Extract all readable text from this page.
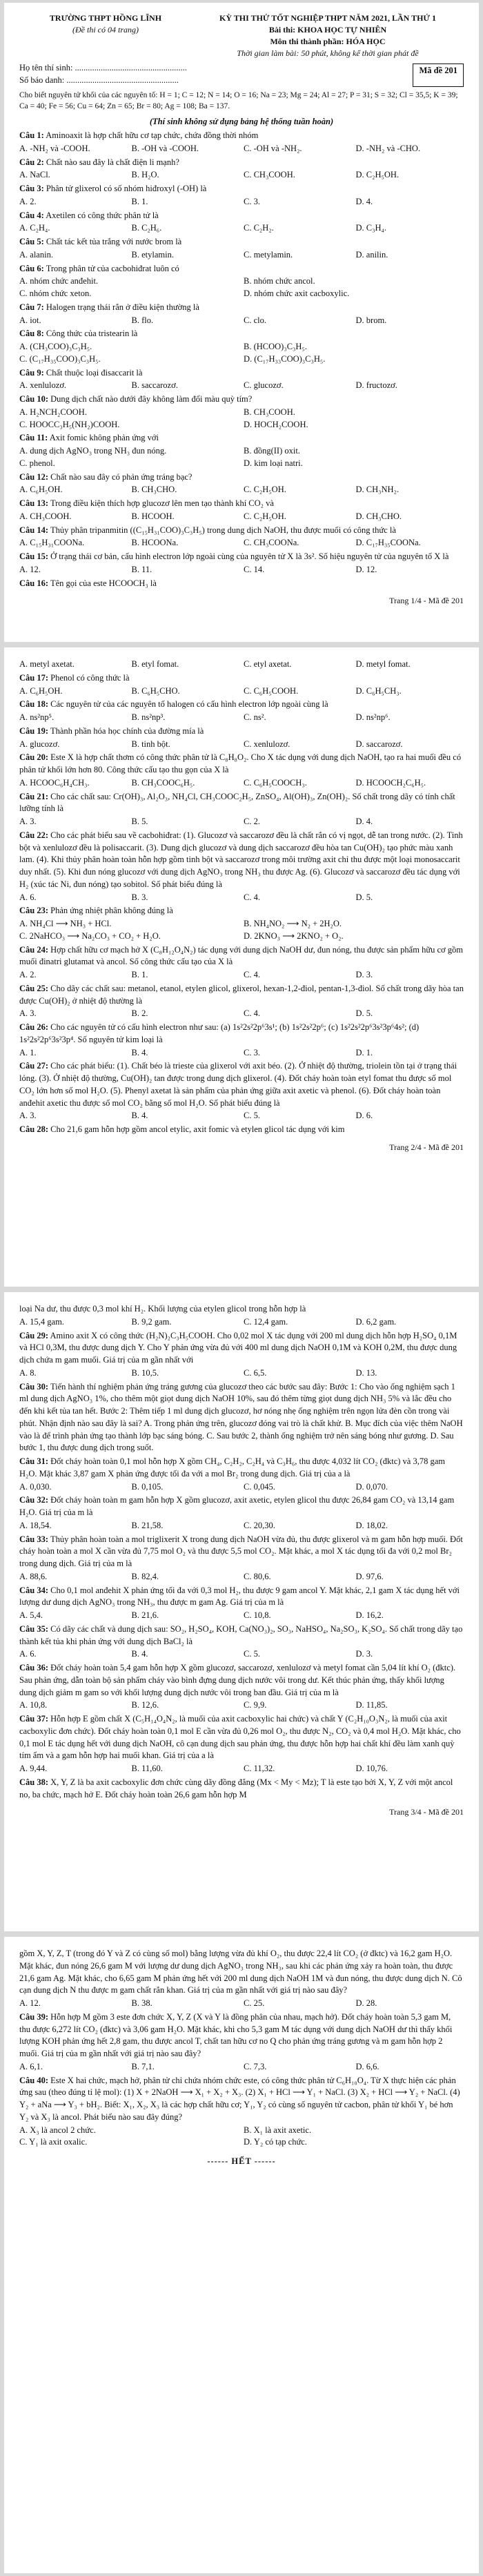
TRƯỜNG THPT HỒNG LĨNH
(Đề thi có 04 trang)
KỲ THI THỬ TỐT NGHIỆP THPT NĂM 2021, LẦN THỨ 1
Bài thi: KHOA HỌC TỰ NHIÊN
Môn thi thành phần: HÓA HỌC
Thời gian làm bài: 50 phút, không kể thời gian phát đề
Họ tên thí sinh: ....................................................
Số báo danh: ....................................................
Mã đề 201
Cho biết nguyên tử khối của các nguyên tố: H = 1; C = 12; N = 14; O = 16; Na = 23; Mg = 24; Al = 27; P = 31; S = 32; Cl = 35,5; K = 39; Ca = 40; Fe = 56; Cu = 64; Zn = 65; Br = 80; Ag = 108; Ba = 137.
(Thí sinh không sử dụng bảng hệ thống tuần hoàn)
Câu 1: Aminoaxit là hợp chất hữu cơ tạp chức, chứa đồng thời nhóm
A. -NH₂ và -COOH.	B. -OH và -COOH.	C. -OH và -NH₂.	D. -NH₂ và -CHO.
Câu 2: Chất nào sau đây là chất điện li mạnh?
A. NaCl.	B. H₂O.	C. CH₃COOH.	D. C₂H₅OH.
Câu 3: Phân tử glixerol có số nhóm hiđroxyl (-OH) là
A. 2.	B. 1.	C. 3.	D. 4.
Câu 4: Axetilen có công thức phân tử là
A. C₂H₄.	B. C₂H₆.	C. C₂H₂.	D. C₃H₄.
Câu 5: Chất tác kết tủa trắng với nước brom là
A. alanin.	B. etylamin.	C. metylamin.	D. anilin.
Câu 6: Trong phân tử của cacbohiđrat luôn có
A. nhóm chức anđehit.	B. nhóm chức ancol.
C. nhóm chức xeton.	D. nhóm chức axit cacboxylic.
Câu 7: Halogen trạng thái rắn ở điều kiện thường là
A. iot.	B. flo.	C. clo.	D. brom.
Câu 8: Công thức của tristearin là
A. (CH₃COO)₃C₃H₅.	B. (HCOO)₃C₃H₅.
C. (C₁₇H₃₅COO)₃C₃H₅.	D. (C₁₇H₃₃COO)₃C₃H₅.
Câu 9: Chất thuộc loại đisaccarit là
A. xenlulozơ.	B. saccarozơ.	C. glucozơ.	D. fructozơ.
Câu 10: Dung dịch chất nào dưới đây không làm đổi màu quỳ tím?
A. H₂NCH₂COOH.	B. CH₃COOH.
C. HOOCC₃H₅(NH₂)COOH.	D. HOCH₂COOH.
Câu 11: Axit fomic không phản ứng với
A. dung dịch AgNO₃ trong NH₃ đun nóng.	B. đồng(II) oxit.
C. phenol.	D. kim loại natri.
Câu 12: Chất nào sau đây có phản ứng tráng bạc?
A. C₆H₅OH.	B. CH₃CHO.	C. C₂H₅OH.	D. CH₃NH₂.
Câu 13: Trong điều kiện thích hợp glucozơ lên men tạo thành khí CO₂ và
A. CH₃COOH.	B. HCOOH.	C. C₂H₅OH.	D. CH₃CHO.
Câu 14: Thủy phân tripanmitin ((C₁₅H₃₁COO)₃C₃H₅) trong dung dịch NaOH, thu được muối có công thức là
A. C₁₅H₃₁COONa.	B. HCOONa.	C. CH₃COONa.	D. C₁₇H₃₅COONa.
Câu 15: Ở trạng thái cơ bản, cấu hình electron lớp ngoài cùng của nguyên tử X là 3s². Số hiệu nguyên tử của nguyên tố X là
A. 12.	B. 11.	C. 14.	D. 12.
Câu 16: Tên gọi của este HCOOCH₃ là
Trang 1/4 - Mã đề 201
A. metyl axetat.	B. etyl fomat.	C. etyl axetat.	D. metyl fomat.
Câu 17: Phenol có công thức là
A. C₆H₅OH.	B. C₆H₅CHO.	C. C₆H₅COOH.	D. C₆H₅CH₃.
Câu 18: Các nguyên tử của các nguyên tố halogen có cấu hình electron lớp ngoài cùng là
A. ns²np⁵.	B. ns²np³.	C. ns².	D. ns²np⁶.
Câu 19: Thành phần hóa học chính của đường mía là
A. glucozơ.	B. tinh bột.	C. xenlulozơ.	D. saccarozơ.
Câu 20: Este X là hợp chất thơm có công thức phân tử là C₈H₈O₂. Cho X tác dụng với dung dịch NaOH, tạo ra hai muối đều có phân tử khối lớn hơn 80. Công thức cấu tạo thu gọn của X là
A. HCOOC₆H₄CH₃.	B. CH₃COOC₆H₅.	C. C₆H₅COOCH₃.	D. HCOOCH₂C₆H₅.
Câu 21: Cho các chất sau: Cr(OH)₃, Al₂O₃, NH₄Cl, CH₃COOC₂H₅, ZnSO₄, Al(OH)₃, Zn(OH)₂. Số chất trong dãy có tính chất lưỡng tính là
A. 3.	B. 5.	C. 2.	D. 4.
Câu 22: Cho các phát biểu sau về cacbohiđrat: (1). Glucozơ và saccarozơ đều là chất rắn có vị ngọt, dễ tan trong nước. (2). Tinh bột và xenlulozơ đều là polisaccarit. (3). Dung dịch glucozơ và dung dịch saccarozơ đều hòa tan Cu(OH)₂ tạo phức màu xanh lam. (4). Khi thủy phân hoàn toàn hỗn hợp gồm tinh bột và saccarozơ trong môi trường axit chỉ thu được một loại monosaccarit duy nhất. (5). Khi đun nóng glucozơ với dung dịch AgNO₃ trong NH₃ thu được Ag. (6). Glucozơ và saccarozơ đều tác dụng với H₂ (xúc tác Ni, đun nóng) tạo sobitol. Số phát biểu đúng là
A. 6.	B. 3.	C. 4.	D. 5.
Câu 23: Phản ứng nhiệt phân không đúng là
A. NH₄Cl ⟶ NH₃ + HCl.	B. NH₄NO₂ ⟶ N₂ + 2H₂O.
C. 2NaHCO₃ ⟶ Na₂CO₃ + CO₂ + H₂O.	D. 2KNO₃ ⟶ 2KNO₂ + O₂.
Câu 24: Hợp chất hữu cơ mạch hở X (C₈H₁₂O₄N₂) tác dụng với dung dịch NaOH dư, đun nóng, thu được sản phẩm hữu cơ gồm muối đinatri glutamat và ancol. Số công thức cấu tạo của X là
A. 2.	B. 1.	C. 4.	D. 3.
Câu 25: Cho dãy các chất sau: metanol, etanol, etylen glicol, glixerol, hexan-1,2-điol, pentan-1,3-điol. Số chất trong dãy hòa tan được Cu(OH)₂ ở nhiệt độ thường là
A. 3.	B. 2.	C. 4.	D. 5.
Câu 26: Cho các nguyên tử có cấu hình electron như sau: (a) 1s²2s²2p⁶3s¹; (b) 1s²2s²2p⁶; (c) 1s²2s²2p⁶3s²3p⁶4s²; (d) 1s²2s²2p⁶3s²3p⁴. Số nguyên tử kim loại là
A. 1.	B. 4.	C. 3.	D. 1.
Câu 27: Cho các phát biểu: (1). Chất béo là trieste của glixerol với axit béo. (2). Ở nhiệt độ thường, triolein tồn tại ở trạng thái lỏng. (3). Ở nhiệt độ thường, Cu(OH)₂ tan được trong dung dịch glixerol. (4). Đốt cháy hoàn toàn etyl fomat thu được số mol CO₂ lớn hơn số mol H₂O. (5). Phenyl axetat là sản phẩm của phản ứng giữa axit axetic và phenol. (6). Đốt cháy hoàn toàn anđehit axetic thu được số mol CO₂ bằng số mol H₂O. Số phát biểu đúng là
A. 3.	B. 4.	C. 5.	D. 6.
Câu 28: Cho 21,6 gam hỗn hợp gồm ancol etylic, axit fomic và etylen glicol tác dụng với kim
Trang 2/4 - Mã đề 201
loại Na dư, thu được 0,3 mol khí H₂. Khối lượng của etylen glicol trong hỗn hợp là
A. 15,4 gam.	B. 9,2 gam.	C. 12,4 gam.	D. 6,2 gam.
Câu 29: Amino axit X có công thức (H₂N)₂C₃H₅COOH. Cho 0,02 mol X tác dụng với 200 ml dung dịch hỗn hợp H₂SO₄ 0,1M và HCl 0,3M, thu được dung dịch Y. Cho Y phản ứng vừa đủ với 400 ml dung dịch NaOH 0,1M và KOH 0,2M, thu được dung dịch chứa m gam muối. Giá trị của m gần nhất với
A. 8.	B. 10,5.	C. 6,5.	D. 13.
Câu 30: Tiến hành thí nghiệm phản ứng tráng gương của glucozơ theo các bước sau đây: Bước 1: Cho vào ống nghiệm sạch 1 ml dung dịch AgNO₃ 1%, cho thêm một giọt dung dịch NaOH 10%, sau đó thêm từng giọt dung dịch NH₃ 5% và lắc đều cho đến khi kết tủa tan hết. Bước 2: Thêm tiếp 1 ml dung dịch glucozơ, hơ nóng nhẹ ống nghiệm trên ngọn lửa đèn cồn trong vài phút. Nhận định nào sau đây là sai? A. Trong phản ứng trên, glucozơ đóng vai trò là chất khử. B. Mục đích của việc thêm NaOH vào là để trình phản ứng tạo thành lớp bạc sáng bóng. C. Sau bước 2, thành ống nghiệm trở nên sáng bóng như gương. D. Sau bước 1, thu được dung dịch trong suốt.
Câu 31: Đốt cháy hoàn toàn 0,1 mol hỗn hợp X gồm CH₄, C₂H₂, C₂H₄ và C₃H₆, thu được 4,032 lít CO₂ (đktc) và 3,78 gam H₂O. Mặt khác 3,87 gam X phản ứng được tối đa với a mol Br₂ trong dung dịch. Giá trị của a là
A. 0,030.	B. 0,105.	C. 0,045.	D. 0,070.
Câu 32: Đốt cháy hoàn toàn m gam hỗn hợp X gồm glucozơ, axit axetic, etylen glicol thu được 26,84 gam CO₂ và 13,14 gam H₂O. Giá trị của m là
A. 18,54.	B. 21,58.	C. 20,30.	D. 18,02.
Câu 33: Thủy phân hoàn toàn a mol triglixerit X trong dung dịch NaOH vừa đủ, thu được glixerol và m gam hỗn hợp muối. Đốt cháy hoàn toàn a mol X cần vừa đủ 7,75 mol O₂ và thu được 5,5 mol CO₂. Mặt khác, a mol X tác dụng tối đa với 0,2 mol Br₂ trong dung dịch. Giá trị của m là
A. 88,6.	B. 82,4.	C. 80,6.	D. 97,6.
Câu 34: Cho 0,1 mol anđehit X phản ứng tối đa với 0,3 mol H₂, thu được 9 gam ancol Y. Mặt khác, 2,1 gam X tác dụng hết với lượng dư dung dịch AgNO₃ trong NH₃, thu được m gam Ag. Giá trị của m là
A. 5,4.	B. 21,6.	C. 10,8.	D. 16,2.
Câu 35: Có dãy các chất và dung dịch sau: SO₂, H₂SO₄, KOH, Ca(NO₃)₂, SO₃, NaHSO₄, Na₂SO₃, K₂SO₄. Số chất trong dãy tạo thành kết tủa khi phản ứng với dung dịch BaCl₂ là
A. 6.	B. 4.	C. 5.	D. 3.
Câu 36: Đốt cháy hoàn toàn 5,4 gam hỗn hợp X gồm glucozơ, saccarozơ, xenlulozơ và metyl fomat cần 5,04 lít khí O₂ (đktc). Sau phản ứng, dẫn toàn bộ sản phẩm cháy vào bình đựng dung dịch nước vôi trong dư. Kết thúc phản ứng, thấy khối lượng dung dịch giảm m gam so với khối lượng dung dịch nước vôi trong ban đầu. Giá trị của m là
A. 10,8.	B. 12,6.	C. 9,9.	D. 11,85.
Câu 37: Hỗn hợp E gồm chất X (C₅H₁₄O₄N₂, là muối của axit cacboxylic hai chức) và chất Y (C₂H₁₀O₃N₂, là muối của axit cacboxylic đơn chức). Đốt cháy hoàn toàn 0,1 mol E cần vừa đủ 0,26 mol O₂, thu được N₂, CO₂ và 0,4 mol H₂O. Mặt khác, cho 0,1 mol E tác dụng hết với dung dịch NaOH, cô cạn dung dịch sau phản ứng, thu được hỗn hợp hai chất khí đều làm xanh quỳ tím ẩm và a gam hỗn hợp hai muối khan. Giá trị của a là
A. 9,44.	B. 11,60.	C. 11,32.	D. 10,76.
Câu 38: X, Y, Z là ba axit cacboxylic đơn chức cùng dãy đồng đẳng (Mx < My < Mz); T là este tạo bởi X, Y, Z với một ancol no, ba chức, mạch hở E. Đốt cháy hoàn toàn 26,6 gam hỗn hợp M
Trang 3/4 - Mã đề 201
gồm X, Y, Z, T (trong đó Y và Z có cùng số mol) bằng lượng vừa đủ khí O₂, thu được 22,4 lít CO₂ (ở đktc) và 16,2 gam H₂O. Mặt khác, đun nóng 26,6 gam M với lượng dư dung dịch AgNO₃ trong NH₃, sau khi các phản ứng xảy ra hoàn toàn, thu được 21,6 gam Ag. Mặt khác, cho 6,65 gam M phản ứng hết với 200 ml dung dịch NaOH 1M và đun nóng, thu được dung dịch N. Cô cạn dung dịch N thu được m gam chất rắn khan. Giá trị của m gần nhất với giá trị nào sau đây?
A. 12.	B. 38.	C. 25.	D. 28.
Câu 39: Hỗn hợp M gồm 3 este đơn chức X, Y, Z (X và Y là đồng phân của nhau, mạch hở). Đốt cháy hoàn toàn 5,3 gam M, thu được 6,272 lít CO₂ (đktc) và 3,06 gam H₂O. Mặt khác, khi cho 5,3 gam M tác dụng với dung dịch NaOH dư thì thấy khối lượng KOH phản ứng hết 2,8 gam, thu được ancol T, chất tan hữu cơ no Q cho phản ứng tráng gương và m gam hỗn hợp 2 muối. Giá trị của m gần nhất với giá trị nào sau đây?
A. 6,1.	B. 7,1.	C. 7,3.	D. 6,6.
Câu 40: Este X hai chức, mạch hở, phân tử chỉ chứa nhóm chức este, có công thức phân tử C₆H₁₀O₄. Từ X thực hiện các phản ứng sau (theo đúng tỉ lệ mol): (1) X + 2NaOH ⟶ X₁ + X₂ + X₃. (2) X₁ + HCl ⟶ Y₁ + NaCl. (3) X₂ + HCl ⟶ Y₂ + NaCl. (4) Y₂ + aNa ⟶ Y₃ + bH₂. Biết: X₁, X₂, X₃ là các hợp chất hữu cơ; Y₁, Y₂ có cùng số nguyên tử cacbon, phân tử khối Y₁ bé hơn Y₂ và X₃ là ancol. Phát biểu nào sau đây đúng?
A. X₃ là ancol 2 chức.	B. X₁ là axit axetic.
C. Y₁ là axit oxalic.	D. Y₂ có tạp chức.
------ HẾT ------
